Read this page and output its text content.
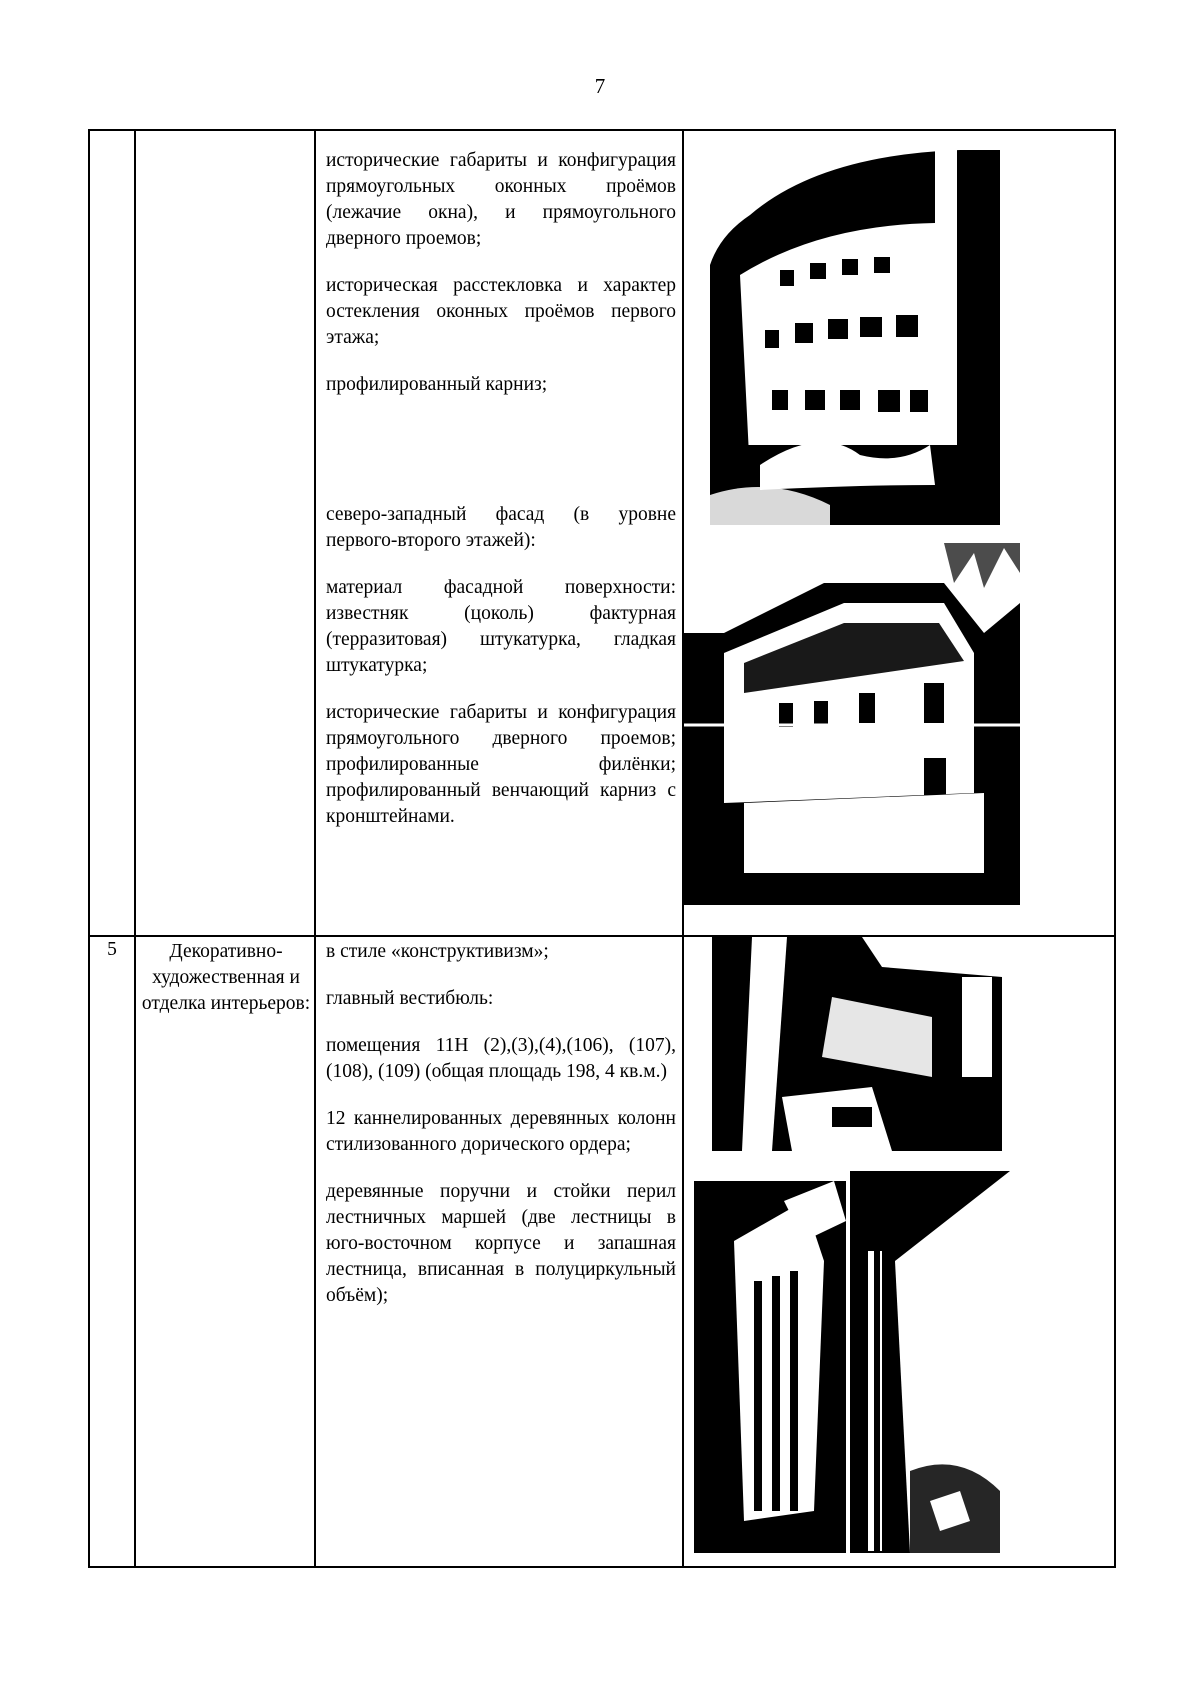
7

исторические габариты и конфигурация прямоугольных оконных проёмов (лежачие окна), и прямоугольного дверного проемов;

историческая расстекловка и характер остекления оконных проёмов первого этажа;

профилированный карниз;

северо-западный фасад (в уровне первого-второго этажей):

материал фасадной поверхности: известняк (цоколь) фактурная (терразитовая) штукатурка, гладкая штукатурка;

исторические габариты и конфигурация прямоугольного дверного проемов; профилированные филёнки; профилированный венчающий карниз с кронштейнами.

5	Декоративно-художественная и отделка интерьеров:

в стиле «конструктивизм»;

главный вестибюль:

помещения 11Н (2),(3),(4),(106), (107), (108), (109) (общая площадь 198, 4 кв.м.)

12 каннелированных деревянных колонн стилизованного дорического ордера;

деревянные поручни и стойки перил лестничных маршей (две лестницы в юго-восточном корпусе и запашная лестница, вписанная в полуциркульный объём);
